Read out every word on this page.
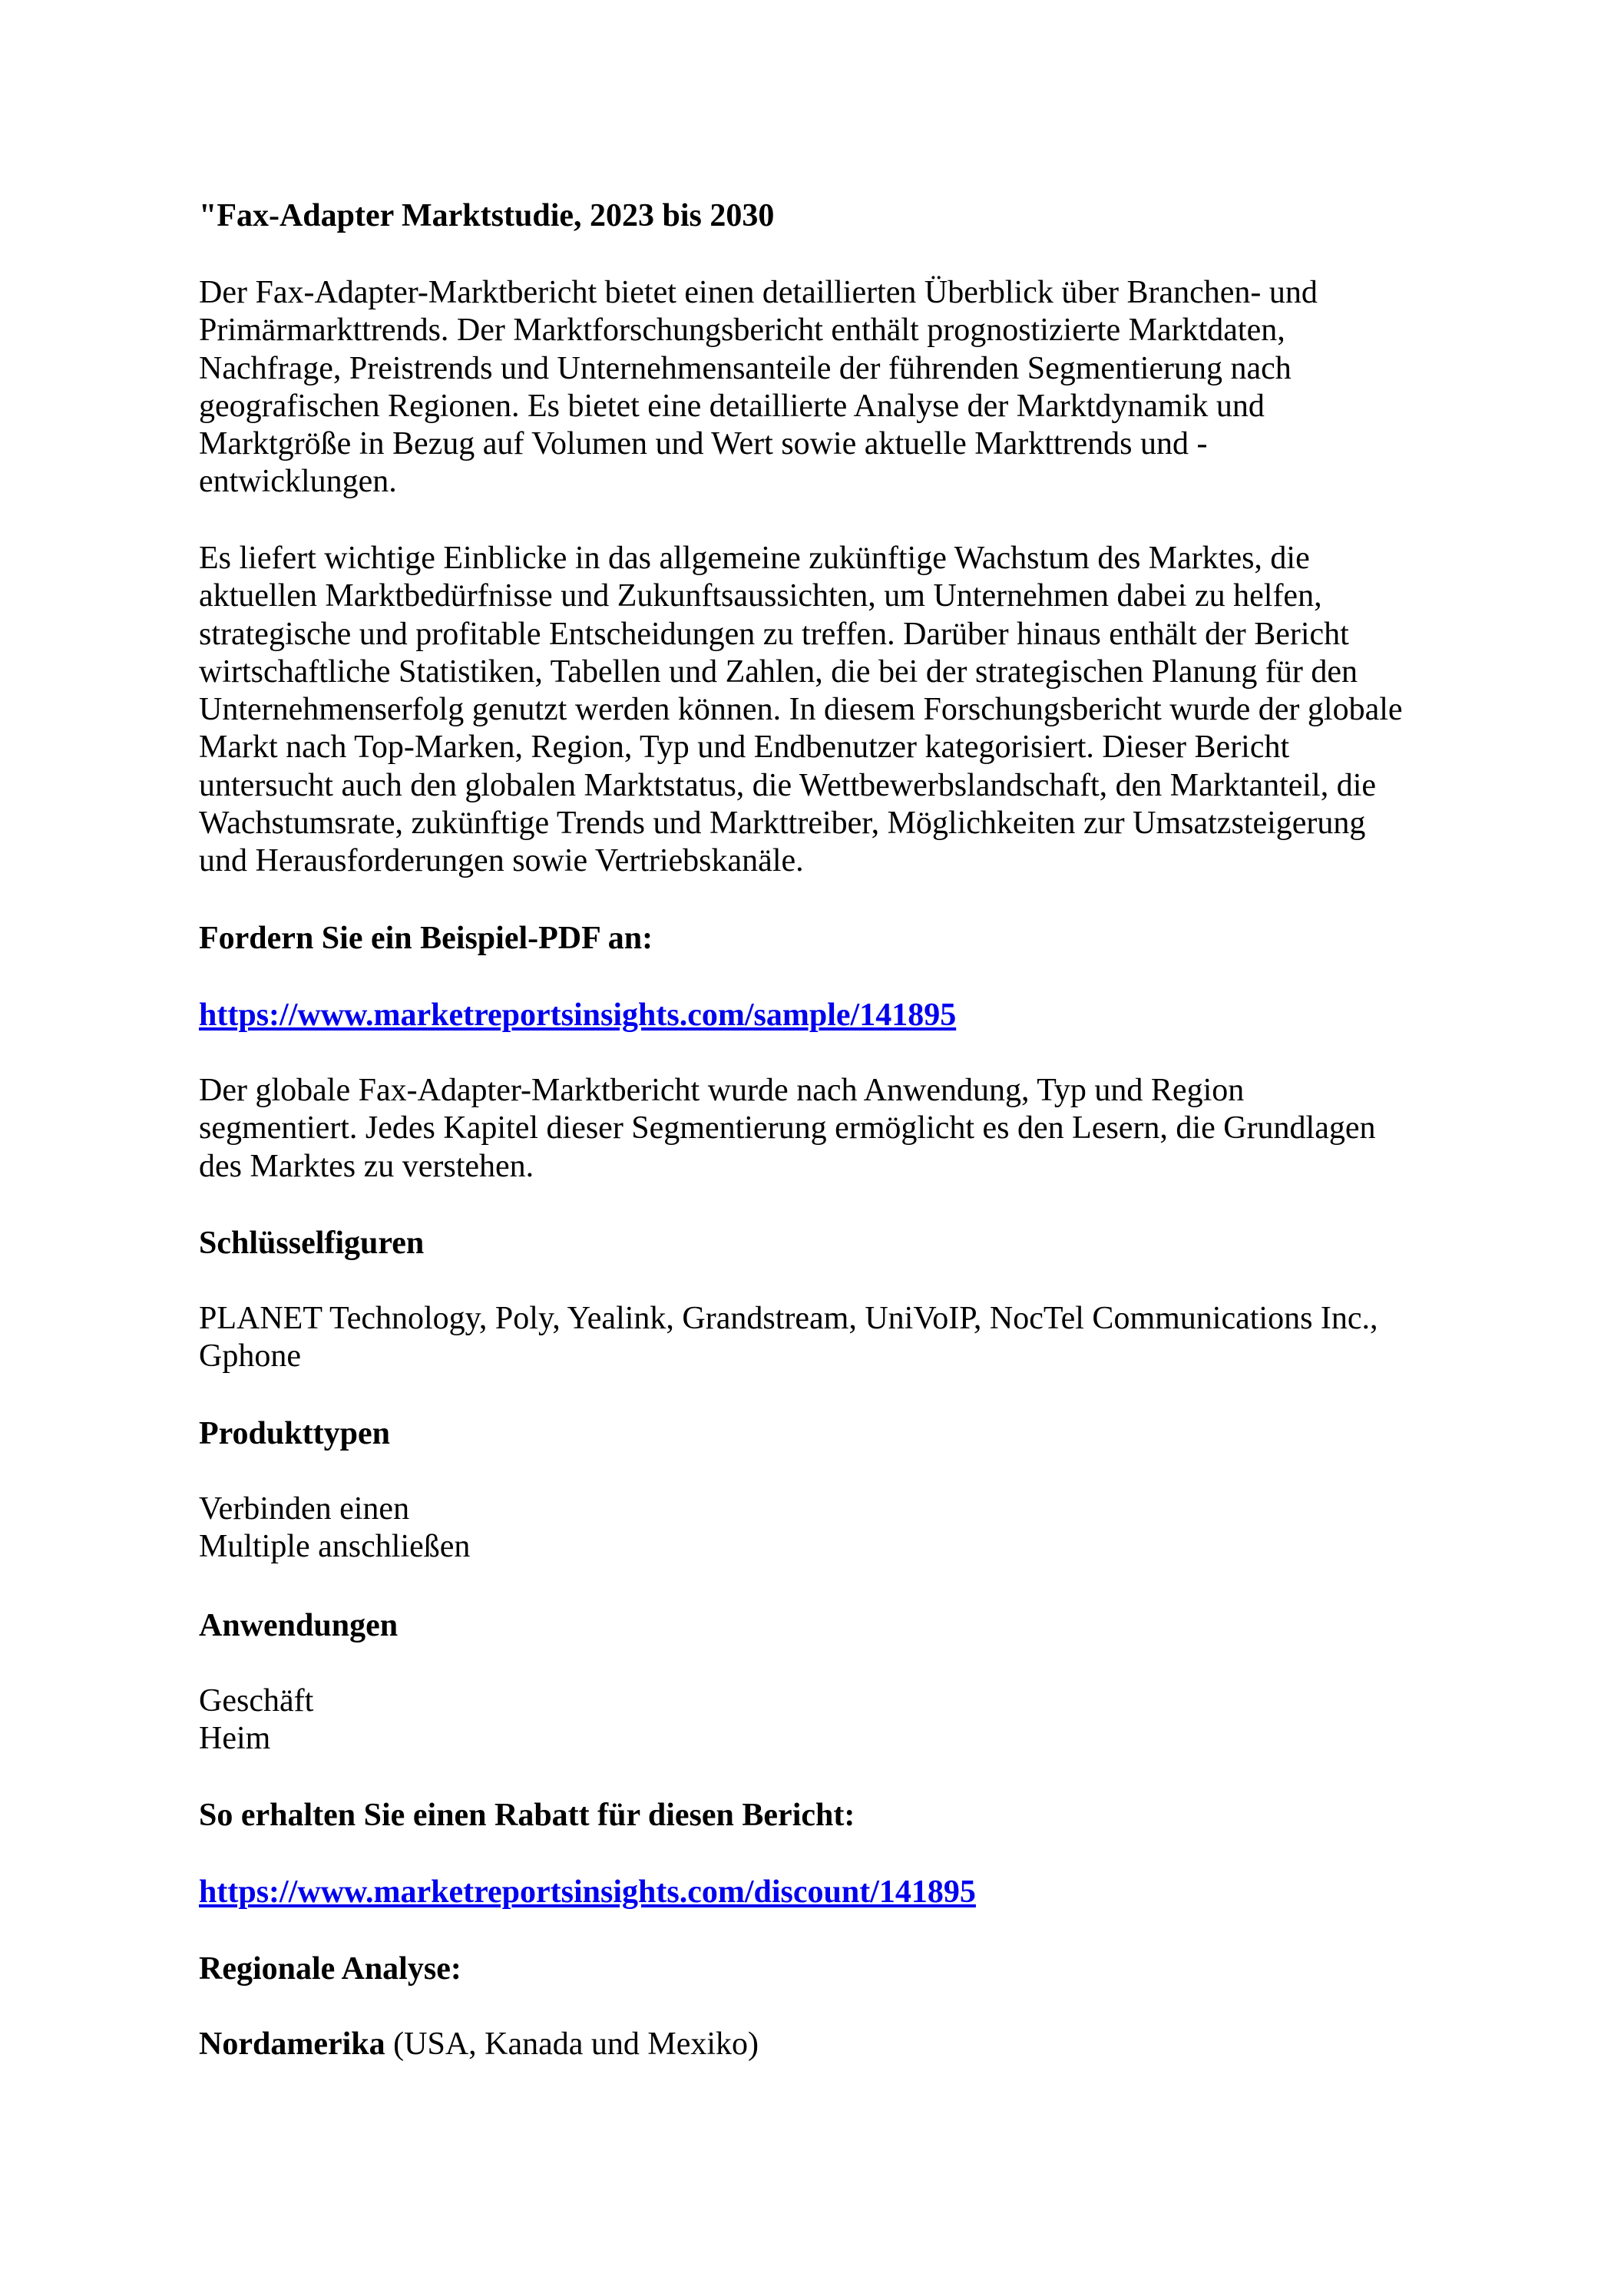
"Fax-Adapter Marktstudie, 2023 bis 2030
Der Fax-Adapter-Marktbericht bietet einen detaillierten Überblick über Branchen- und
Primärmarkttrends. Der Marktforschungsbericht enthält prognostizierte Marktdaten,
Nachfrage, Preistrends und Unternehmensanteile der führenden Segmentierung nach
geografischen Regionen. Es bietet eine detaillierte Analyse der Marktdynamik und
Marktgröße in Bezug auf Volumen und Wert sowie aktuelle Markttrends und -
entwicklungen.
Es liefert wichtige Einblicke in das allgemeine zukünftige Wachstum des Marktes, die
aktuellen Marktbedürfnisse und Zukunftsaussichten, um Unternehmen dabei zu helfen,
strategische und profitable Entscheidungen zu treffen. Darüber hinaus enthält der Bericht
wirtschaftliche Statistiken, Tabellen und Zahlen, die bei der strategischen Planung für den
Unternehmenserfolg genutzt werden können. In diesem Forschungsbericht wurde der globale
Markt nach Top-Marken, Region, Typ und Endbenutzer kategorisiert. Dieser Bericht
untersucht auch den globalen Marktstatus, die Wettbewerbslandschaft, den Marktanteil, die
Wachstumsrate, zukünftige Trends und Markttreiber, Möglichkeiten zur Umsatzsteigerung
und Herausforderungen sowie Vertriebskanäle.
Fordern Sie ein Beispiel-PDF an:
https://www.marketreportsinsights.com/sample/141895
Der globale Fax-Adapter-Marktbericht wurde nach Anwendung, Typ und Region
segmentiert. Jedes Kapitel dieser Segmentierung ermöglicht es den Lesern, die Grundlagen
des Marktes zu verstehen.
Schlüsselfiguren
PLANET Technology, Poly, Yealink, Grandstream, UniVoIP, NocTel Communications Inc.,
Gphone
Produkttypen
Verbinden einen
Multiple anschließen
Anwendungen
Geschäft
Heim
So erhalten Sie einen Rabatt für diesen Bericht:
https://www.marketreportsinsights.com/discount/141895
Regionale Analyse:
Nordamerika (USA, Kanada und Mexiko)
